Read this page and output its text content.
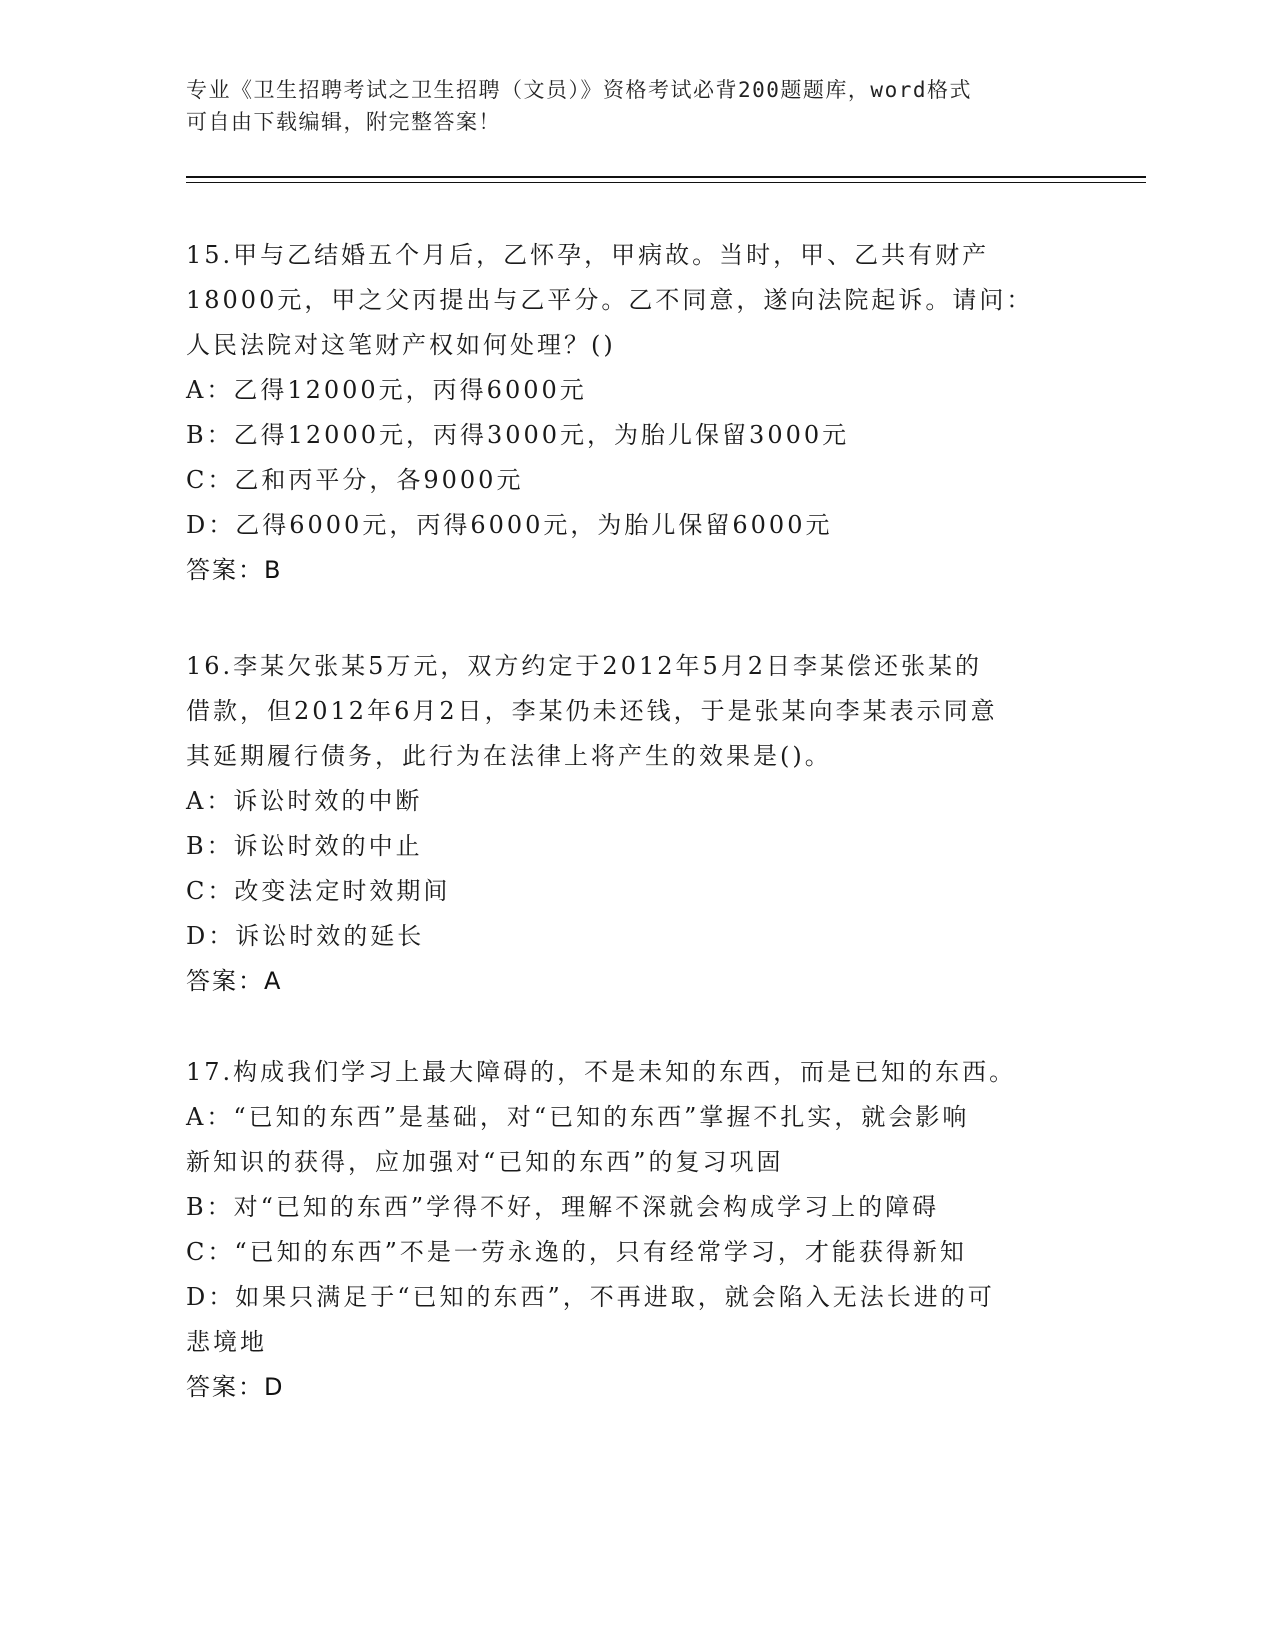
专业《卫生招聘考试之卫生招聘（文员）》资格考试必背200题题库，word格式
可自由下载编辑，附完整答案！
15.甲与乙结婚五个月后，乙怀孕，甲病故。当时，甲、乙共有财产
18000元，甲之父丙提出与乙平分。乙不同意，遂向法院起诉。请问：
人民法院对这笔财产权如何处理？()
A：乙得12000元，丙得6000元
B：乙得12000元，丙得3000元，为胎儿保留3000元
C：乙和丙平分，各9000元
D：乙得6000元，丙得6000元，为胎儿保留6000元
答案：B
16.李某欠张某5万元，双方约定于2012年5月2日李某偿还张某的
借款，但2012年6月2日，李某仍未还钱，于是张某向李某表示同意
其延期履行债务，此行为在法律上将产生的效果是()。
A：诉讼时效的中断
B：诉讼时效的中止
C：改变法定时效期间
D：诉讼时效的延长
答案：A
17.构成我们学习上最大障碍的，不是未知的东西，而是已知的东西。
A：“已知的东西”是基础，对“已知的东西”掌握不扎实，就会影响
新知识的获得，应加强对“已知的东西”的复习巩固
B：对“已知的东西”学得不好，理解不深就会构成学习上的障碍
C：“已知的东西”不是一劳永逸的，只有经常学习，才能获得新知
D：如果只满足于“已知的东西”，不再进取，就会陷入无法长进的可
悲境地
答案：D
